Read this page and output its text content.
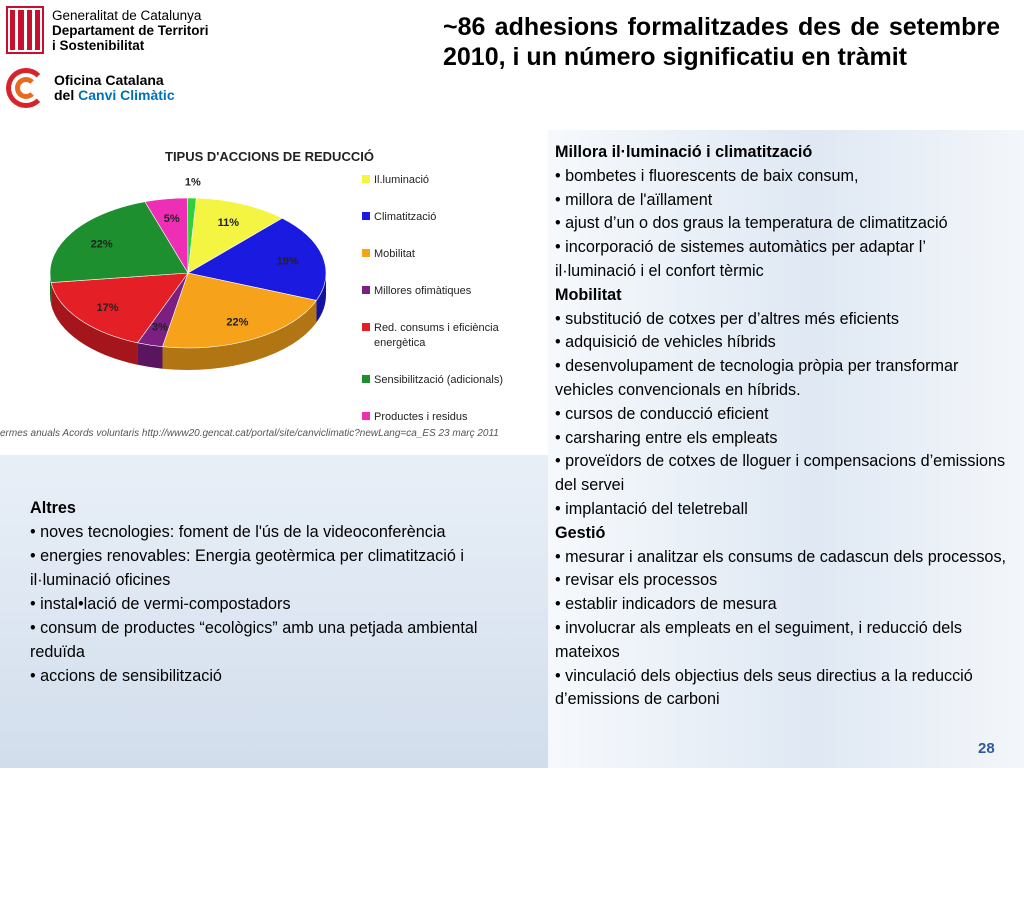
Generalitat de Catalunya
Departament de Territori
i Sostenibilitat
Oficina Catalana
del Canvi Climàtic
~86 adhesions formalitzades des de setembre 2010, i un número significatiu en tràmit
TIPUS D'ACCIONS DE REDUCCIÓ
11%
19%
22%
3%
17%
22%
5%
1%	Il.luminació
Climatització
Mobilitat
Millores ofimàtiques
Red. consums i eficiència
energètica
Sensibilització (adicionals)
Productes i residus
ermes anuals Acords voluntaris http://www20.gencat.cat/portal/site/canviclimatic?newLang=ca_ES 23 març 2011
Millora il·luminació i climatització
• bombetes i fluorescents de baix consum,
• millora de l'aïllament
• ajust d’un o dos graus la temperatura de climatització
• incorporació de sistemes automàtics per adaptar l’ il·luminació i el confort tèrmic
Mobilitat
• substitució de cotxes per d’altres més eficients
• adquisició de vehicles híbrids
• desenvolupament de tecnologia pròpia per transformar vehicles convencionals en híbrids.
• cursos de conducció eficient
• carsharing entre els empleats
• proveïdors de cotxes de lloguer i compensacions d’emissions del servei
• implantació del teletreball
Gestió
• mesurar i analitzar els consums de cadascun dels processos,
• revisar els processos
• establir indicadors de mesura
• involucrar als empleats en el seguiment, i reducció dels mateixos
• vinculació dels objectius dels seus directius a la reducció d’emissions de carboni
Altres
• noves tecnologies: foment de l'ús de la videoconferència
• energies renovables: Energia geotèrmica per climatització i il·luminació oficines
• instal•lació de vermi-compostadors
• consum de productes “ecològics” amb una petjada ambiental reduïda
• accions de sensibilització
28
